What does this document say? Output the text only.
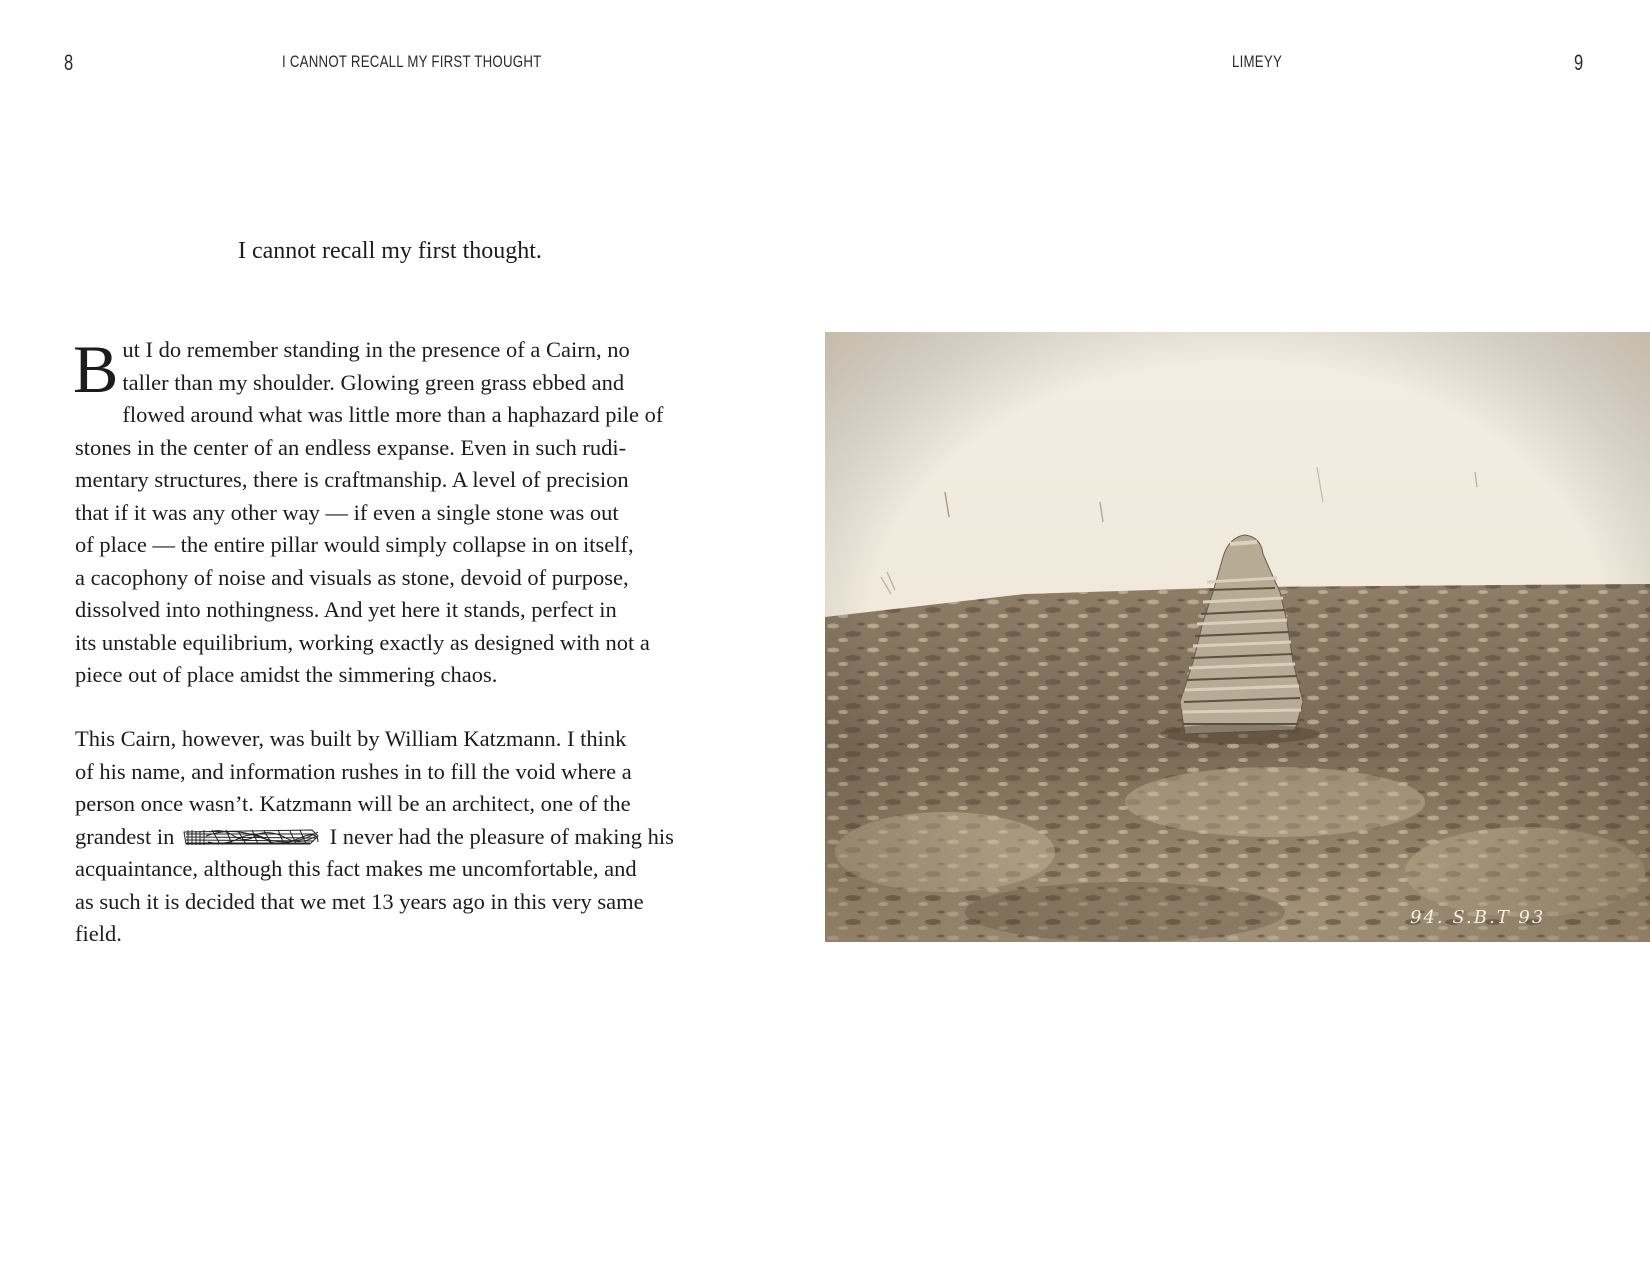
8	I CANNOT RECALL MY FIRST THOUGHT	LIMEYY	9
I cannot recall my first thought.
B ut I do remember standing in the presence of a Cairn, no
taller than my shoulder. Glowing green grass ebbed and
flowed around what was little more than a haphazard pile of
stones in the center of an endless expanse. Even in such rudi-
mentary structures, there is craftmanship. A level of precision
that if it was any other way — if even a single stone was out
of place — the entire pillar would simply collapse in on itself,
a cacophony of noise and visuals as stone, devoid of purpose,
dissolved into nothingness. And yet here it stands, perfect in
its unstable equilibrium, working exactly as designed with not a
piece out of place amidst the simmering chaos.
This Cairn, however, was built by William Katzmann. I think
of his name, and information rushes in to fill the void where a
person once wasn’t. Katzmann will be an architect, one of the
grandest in	I never had the pleasure of making his
acquaintance, although this fact makes me uncomfortable, and
as such it is decided that we met 13 years ago in this very same
field.
94. S.B.T 93
